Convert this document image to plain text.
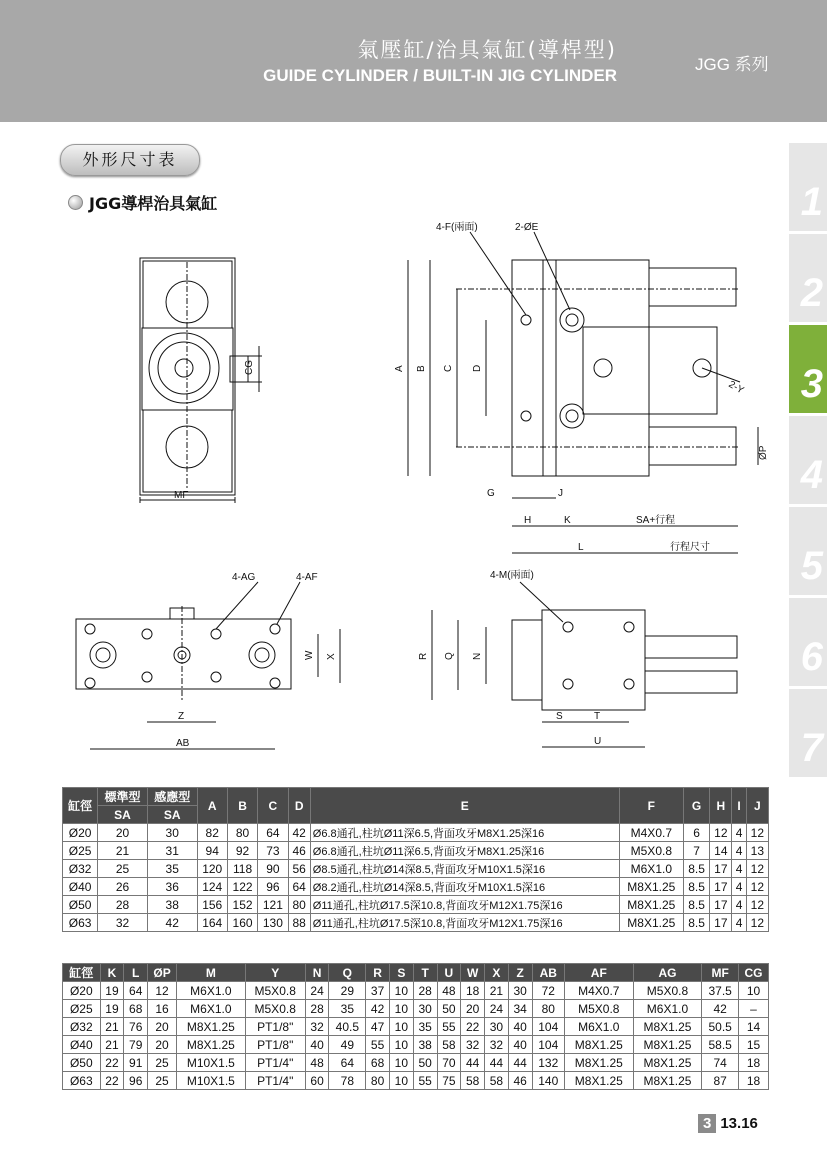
氣壓缸/治具氣缸(導桿型)
GUIDE CYLINDER / BUILT-IN JIG CYLINDER
JGG 系列
1
2
3
4
5
6
7
外形尺寸表
JGG導桿治具氣缸
4-F(兩面)	2-ØE
4-AG	4-AF	4-M(兩面)
MF
CG	A B C D
G	J
H	K	SA+行程
L	行程尺寸
ØP
2-Y
W X
Z
AB
R Q N
S	T
U
缸徑	標準型	感應型	A	B	C	D	E	F	G	H	I	J
	SA	SA										
Ø20	20	30	82	80	64	42	Ø6.8通孔,柱坑Ø11深6.5,背面攻牙M8X1.25深16	M4X0.7	6	12	4	12
Ø25	21	31	94	92	73	46	Ø6.8通孔,柱坑Ø11深6.5,背面攻牙M8X1.25深16	M5X0.8	7	14	4	13
Ø32	25	35	120	118	90	56	Ø8.5通孔,柱坑Ø14深8.5,背面攻牙M10X1.5深16	M6X1.0	8.5	17	4	12
Ø40	26	36	124	122	96	64	Ø8.2通孔,柱坑Ø14深8.5,背面攻牙M10X1.5深16	M8X1.25	8.5	17	4	12
Ø50	28	38	156	152	121	80	Ø11通孔,柱坑Ø17.5深10.8,背面攻牙M12X1.75深16	M8X1.25	8.5	17	4	12
Ø63	32	42	164	160	130	88	Ø11通孔,柱坑Ø17.5深10.8,背面攻牙M12X1.75深16	M8X1.25	8.5	17	4	12
缸徑	K	L	ØP	M	Y	N	Q	R	S	T	U	W	X	Z	AB	AF	AG	MF	CG
Ø20	19	64	12	M6X1.0	M5X0.8	24	29	37	10	28	48	18	21	30	72	M4X0.7	M5X0.8	37.5	10
Ø25	19	68	16	M6X1.0	M5X0.8	28	35	42	10	30	50	20	24	34	80	M5X0.8	M6X1.0	42	–
Ø32	21	76	20	M8X1.25	PT1/8"	32	40.5	47	10	35	55	22	30	40	104	M6X1.0	M8X1.25	50.5	14
Ø40	21	79	20	M8X1.25	PT1/8"	40	49	55	10	38	58	32	32	40	104	M8X1.25	M8X1.25	58.5	15
Ø50	22	91	25	M10X1.5	PT1/4"	48	64	68	10	50	70	44	44	44	132	M8X1.25	M8X1.25	74	18
Ø63	22	96	25	M10X1.5	PT1/4"	60	78	80	10	55	75	58	58	46	140	M8X1.25	M8X1.25	87	18
3 13.16
